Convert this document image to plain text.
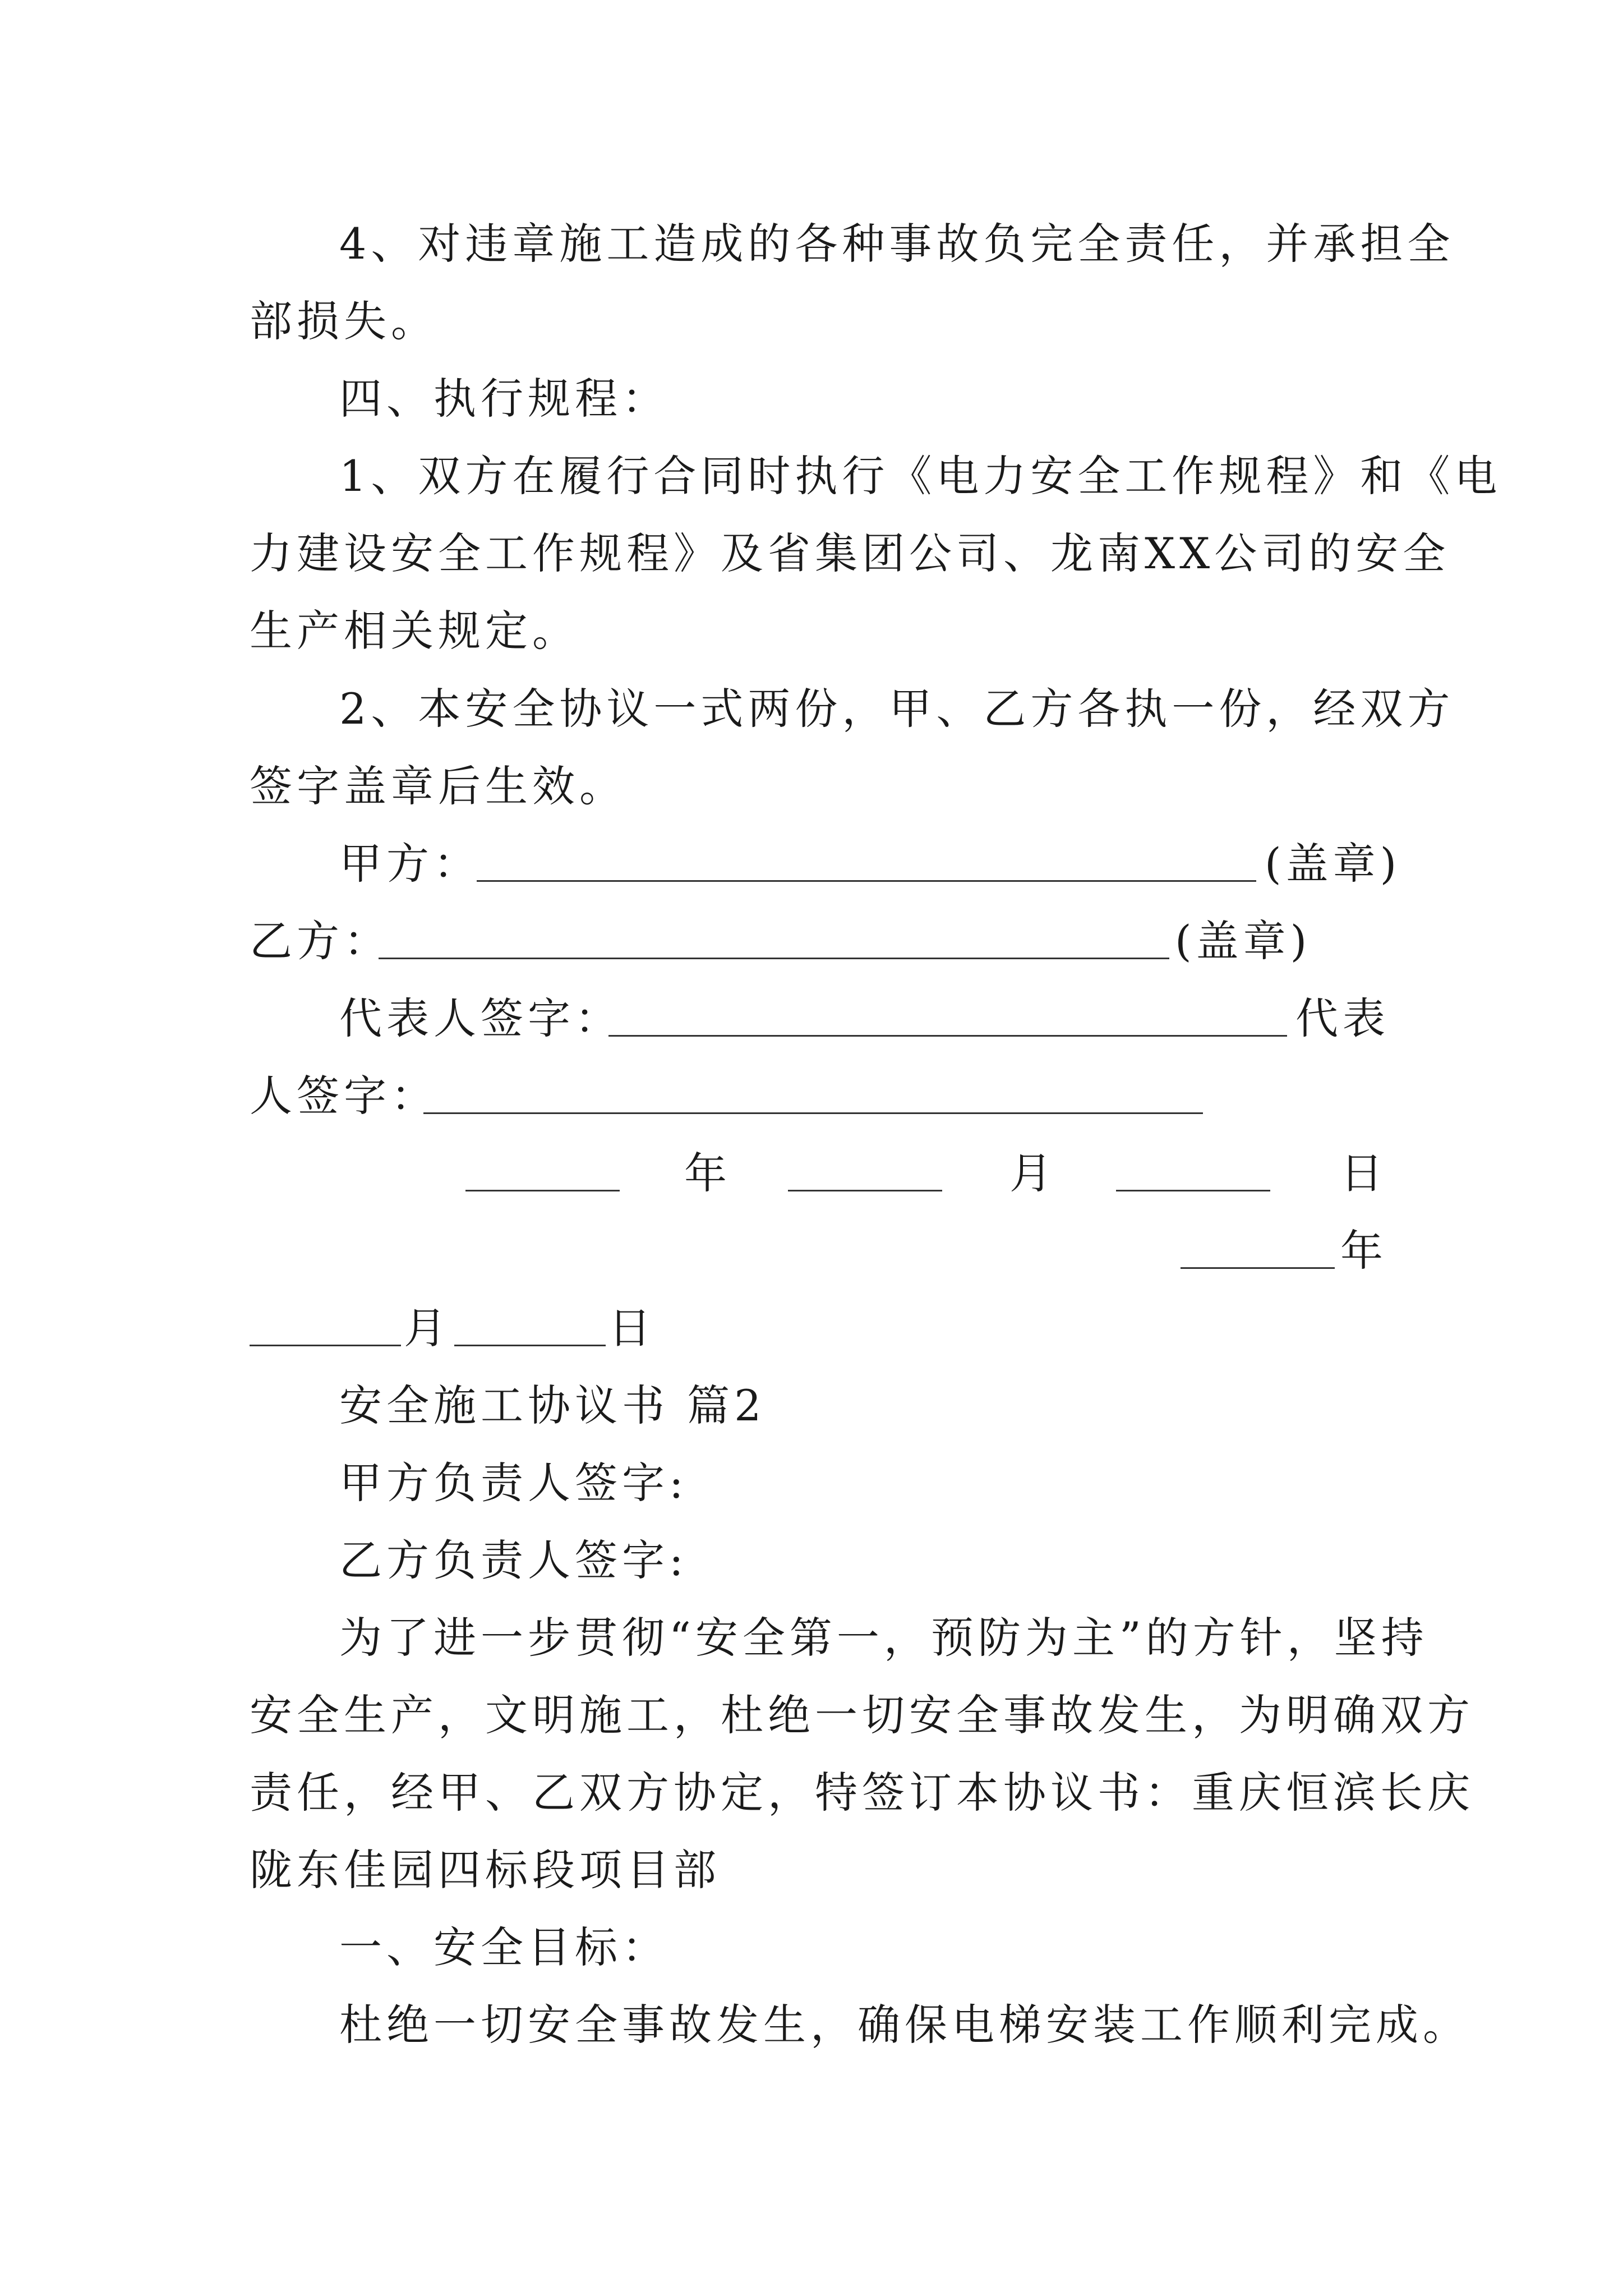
4、对违章施工造成的各种事故负完全责任，并承担全
部损失。
四、执行规程：
1、双方在履行合同时执行《电力安全工作规程》和《电
力建设安全工作规程》及省集团公司、龙南XX公司的安全
生产相关规定。
2、本安全协议一式两份，甲、乙方各执一份，经双方
签字盖章后生效。
甲方：	(盖章)
乙方：	(盖章)
代表人签字：	代表
人签字：
年	月	日
年
月	日
安全施工协议书 篇2
甲方负责人签字:
乙方负责人签字:
为了进一步贯彻“安全第一，预防为主”的方针，坚持
安全生产，文明施工，杜绝一切安全事故发生，为明确双方
责任，经甲、乙双方协定，特签订本协议书：重庆恒滨长庆
陇东佳园四标段项目部
一、安全目标：
杜绝一切安全事故发生，确保电梯安装工作顺利完成。
